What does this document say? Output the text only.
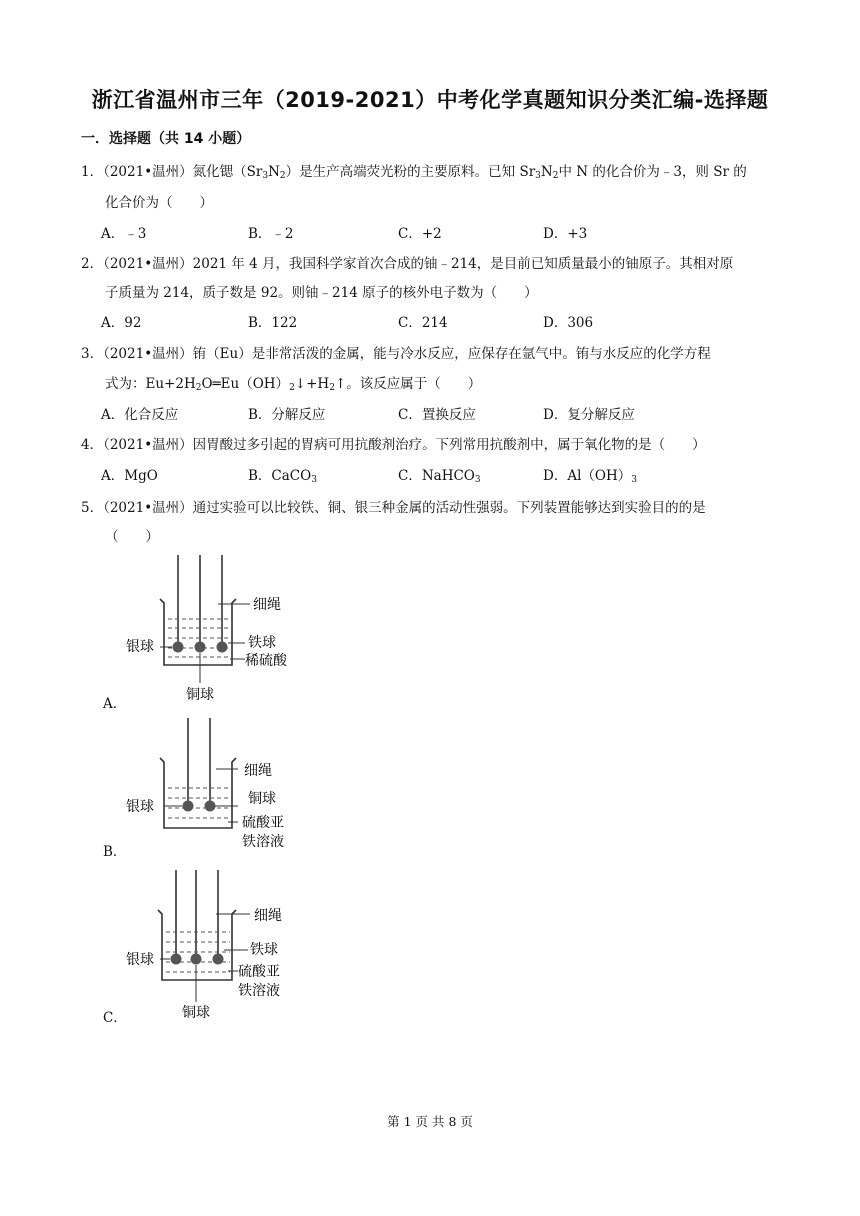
浙江省温州市三年（2019-2021）中考化学真题知识分类汇编-选择题
一．选择题（共 14 小题）
1．（2021•温州）氮化锶$(Sr_3N_2)$是生产高端荧光粉的主要原料。已知 $Sr_3N_2$中 N 的化合价为﹣3，则 Sr 的
化合价为（　　）
A．﹣3	B．﹣2	C．+2	D．+3
2．（2021•温州）2021 年 4 月，我国科学家首次合成的铀﹣214，是目前已知质量最小的铀原子。其相对原
子质量为 214，质子数是 92。则铀﹣214 原子的核外电子数为（　　）
A．92	B．122	C．214	D．306
3．（2021•温州）铕（Eu）是非常活泼的金属，能与冷水反应，应保存在氩气中。铕与水反应的化学方程
式为：$Eu+2H_2O═Eu(OH)_2↓+H_2↑$。该反应属于（　　）
A．化合反应	B．分解反应	C．置换反应	D．复分解反应
4．（2021•温州）因胃酸过多引起的胃病可用抗酸剂治疗。下列常用抗酸剂中，属于氧化物的是（　　）
A．MgO	B．CaCO$_3$	C．NaHCO$_3$	D．$Al(OH)_3$
5．（2021•温州）通过实验可以比较铁、铜、银三种金属的活动性强弱。下列装置能够达到实验目的的是
（　　）
细绳
铁球
稀硫酸
银球
铜球
A．
细绳
铜球
硫酸亚
铁溶液
银球
B．
细绳
铁球
硫酸亚
铁溶液
银球
铜球
C．
第 1 页 共 8 页
